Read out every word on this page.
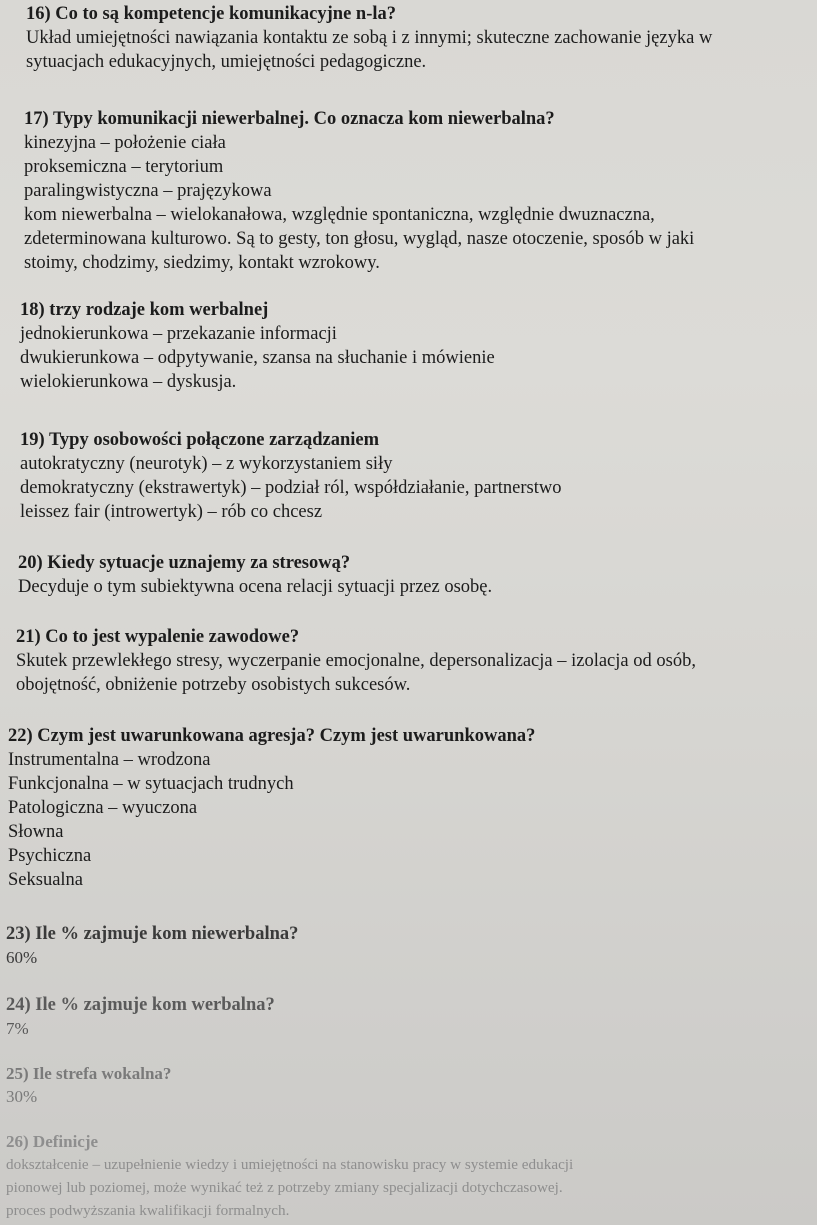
16) Co to są kompetencje komunikacyjne n-la?

Układ umiejętności nawiązania kontaktu ze sobą i z innymi; skuteczne zachowanie języka w

sytuacjach edukacyjnych, umiejętności pedagogiczne.

17) Typy komunikacji niewerbalnej. Co oznacza kom niewerbalna?

kinezyjna – położenie ciała

proksemiczna – terytorium

paralingwistyczna – prajęzykowa

kom niewerbalna – wielokanałowa, względnie spontaniczna, względnie dwuznaczna,

zdeterminowana kulturowo. Są to gesty, ton głosu, wygląd, nasze otoczenie, sposób w jaki

stoimy, chodzimy, siedzimy, kontakt wzrokowy.

18) trzy rodzaje kom werbalnej

jednokierunkowa – przekazanie informacji

dwukierunkowa – odpytywanie, szansa na słuchanie i mówienie

wielokierunkowa – dyskusja.

19) Typy osobowości połączone zarządzaniem

autokratyczny (neurotyk) – z wykorzystaniem siły

demokratyczny (ekstrawertyk) – podział ról, współdziałanie, partnerstwo

leissez fair (introwertyk) – rób co chcesz

20) Kiedy sytuacje uznajemy za stresową?

Decyduje o tym subiektywna ocena relacji sytuacji przez osobę.

21) Co to jest wypalenie zawodowe?

Skutek przewlekłego stresy, wyczerpanie emocjonalne, depersonalizacja – izolacja od osób,

obojętność, obniżenie potrzeby osobistych sukcesów.

22) Czym jest uwarunkowana agresja? Czym jest uwarunkowana?

Instrumentalna – wrodzona

Funkcjonalna – w sytuacjach trudnych

Patologiczna – wyuczona

Słowna

Psychiczna

Seksualna

23) Ile % zajmuje kom niewerbalna?

60%

24) Ile % zajmuje kom werbalna?

7%

25) Ile strefa wokalna?

30%

26) Definicje

dokształcenie – uzupełnienie wiedzy i umiejętności na stanowisku pracy w systemie edukacji

pionowej lub poziomej, może wynikać też z potrzeby zmiany specjalizacji dotychczasowej.

proces podwyższania kwalifikacji formalnych.
